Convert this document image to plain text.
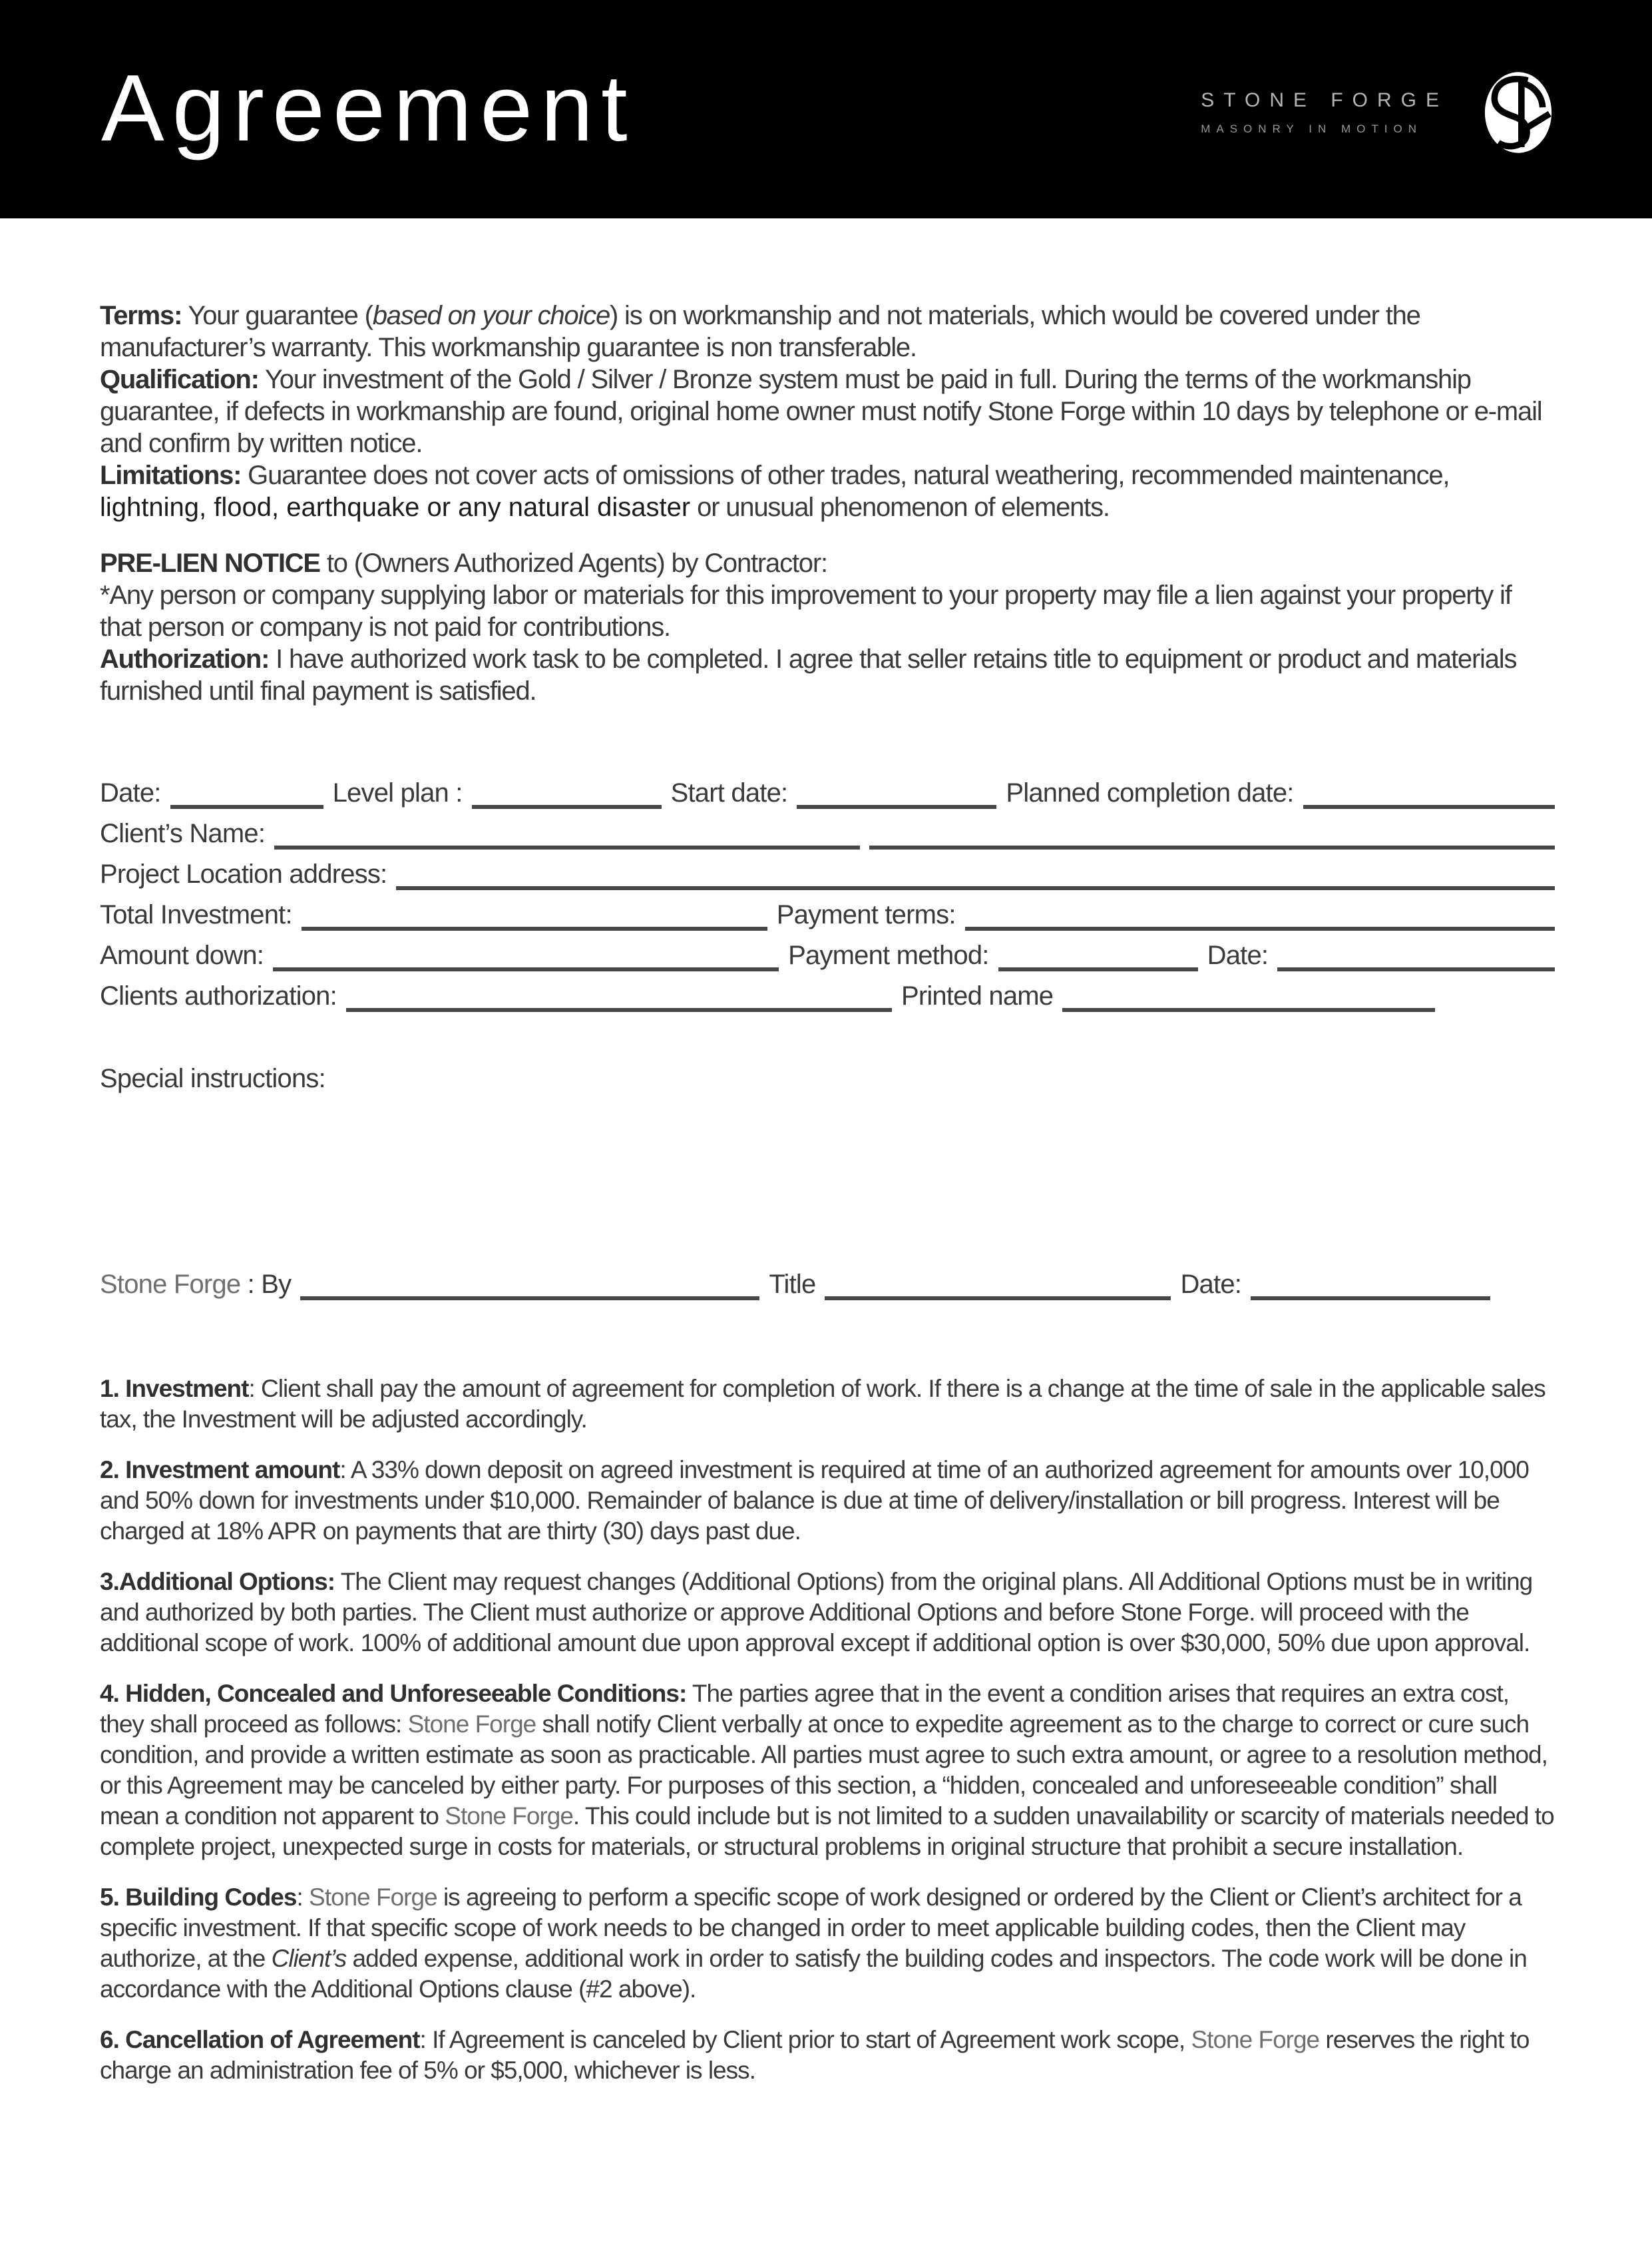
Agreement	STONE FORGE
MASONRY IN MOTION

Terms: Your guarantee (based on your choice) is on workmanship and not materials, which would be covered under the manufacturer’s warranty. This workmanship guarantee is non transferable.

Qualification: Your investment of the Gold / Silver / Bronze system must be paid in full. During the terms of the workmanship guarantee, if defects in workmanship are found, original home owner must notify Stone Forge within 10 days by telephone or e-mail and confirm by written notice.

Limitations: Guarantee does not cover acts of omissions of other trades, natural weathering, recommended maintenance, lightning, flood, earthquake or any natural disaster or unusual phenomenon of elements.

PRE-LIEN NOTICE to (Owners Authorized Agents) by Contractor:

*Any person or company supplying labor or materials for this improvement to your property may file a lien against your property if that person or company is not paid for contributions.

Authorization: I have authorized work task to be completed. I agree that seller retains title to equipment or product and materials furnished until final payment is satisfied.

Date:	Level plan :	Start date:	Planned completion date:
Client’s Name:
Project Location address:
Total Investment:	Payment terms:
Amount down:	Payment method:	Date:
Clients authorization:	Printed name
Special instructions:
Stone Forge : By	Title	Date:

1. Investment: Client shall pay the amount of agreement for completion of work. If there is a change at the time of sale in the applicable sales tax, the Investment will be adjusted accordingly.

2. Investment amount: A 33% down deposit on agreed investment is required at time of an authorized agreement for amounts over 10,000 and 50% down for investments under $10,000. Remainder of balance is due at time of delivery/installation or bill progress. Interest will be charged at 18% APR on payments that are thirty (30) days past due.

3.Additional Options: The Client may request changes (Additional Options) from the original plans. All Additional Options must be in writing and authorized by both parties. The Client must authorize or approve Additional Options and before Stone Forge. will proceed with the additional scope of work. 100% of additional amount due upon approval except if additional option is over $30,000, 50% due upon approval.

4. Hidden, Concealed and Unforeseeable Conditions: The parties agree that in the event a condition arises that requires an extra cost, they shall proceed as follows: Stone Forge shall notify Client verbally at once to expedite agreement as to the charge to correct or cure such condition, and provide a written estimate as soon as practicable. All parties must agree to such extra amount, or agree to a resolution method, or this Agreement may be canceled by either party. For purposes of this section, a “hidden, concealed and unforeseeable condition” shall mean a condition not apparent to Stone Forge. This could include but is not limited to a sudden unavailability or scarcity of materials needed to complete project, unexpected surge in costs for materials, or structural problems in original structure that prohibit a secure installation.

5. Building Codes: Stone Forge is agreeing to perform a specific scope of work designed or ordered by the Client or Client’s architect for a specific investment. If that specific scope of work needs to be changed in order to meet applicable building codes, then the Client may authorize, at the Client’s added expense, additional work in order to satisfy the building codes and inspectors. The code work will be done in accordance with the Additional Options clause (#2 above).

6. Cancellation of Agreement: If Agreement is canceled by Client prior to start of Agreement work scope, Stone Forge reserves the right to charge an administration fee of 5% or $5,000, whichever is less.
